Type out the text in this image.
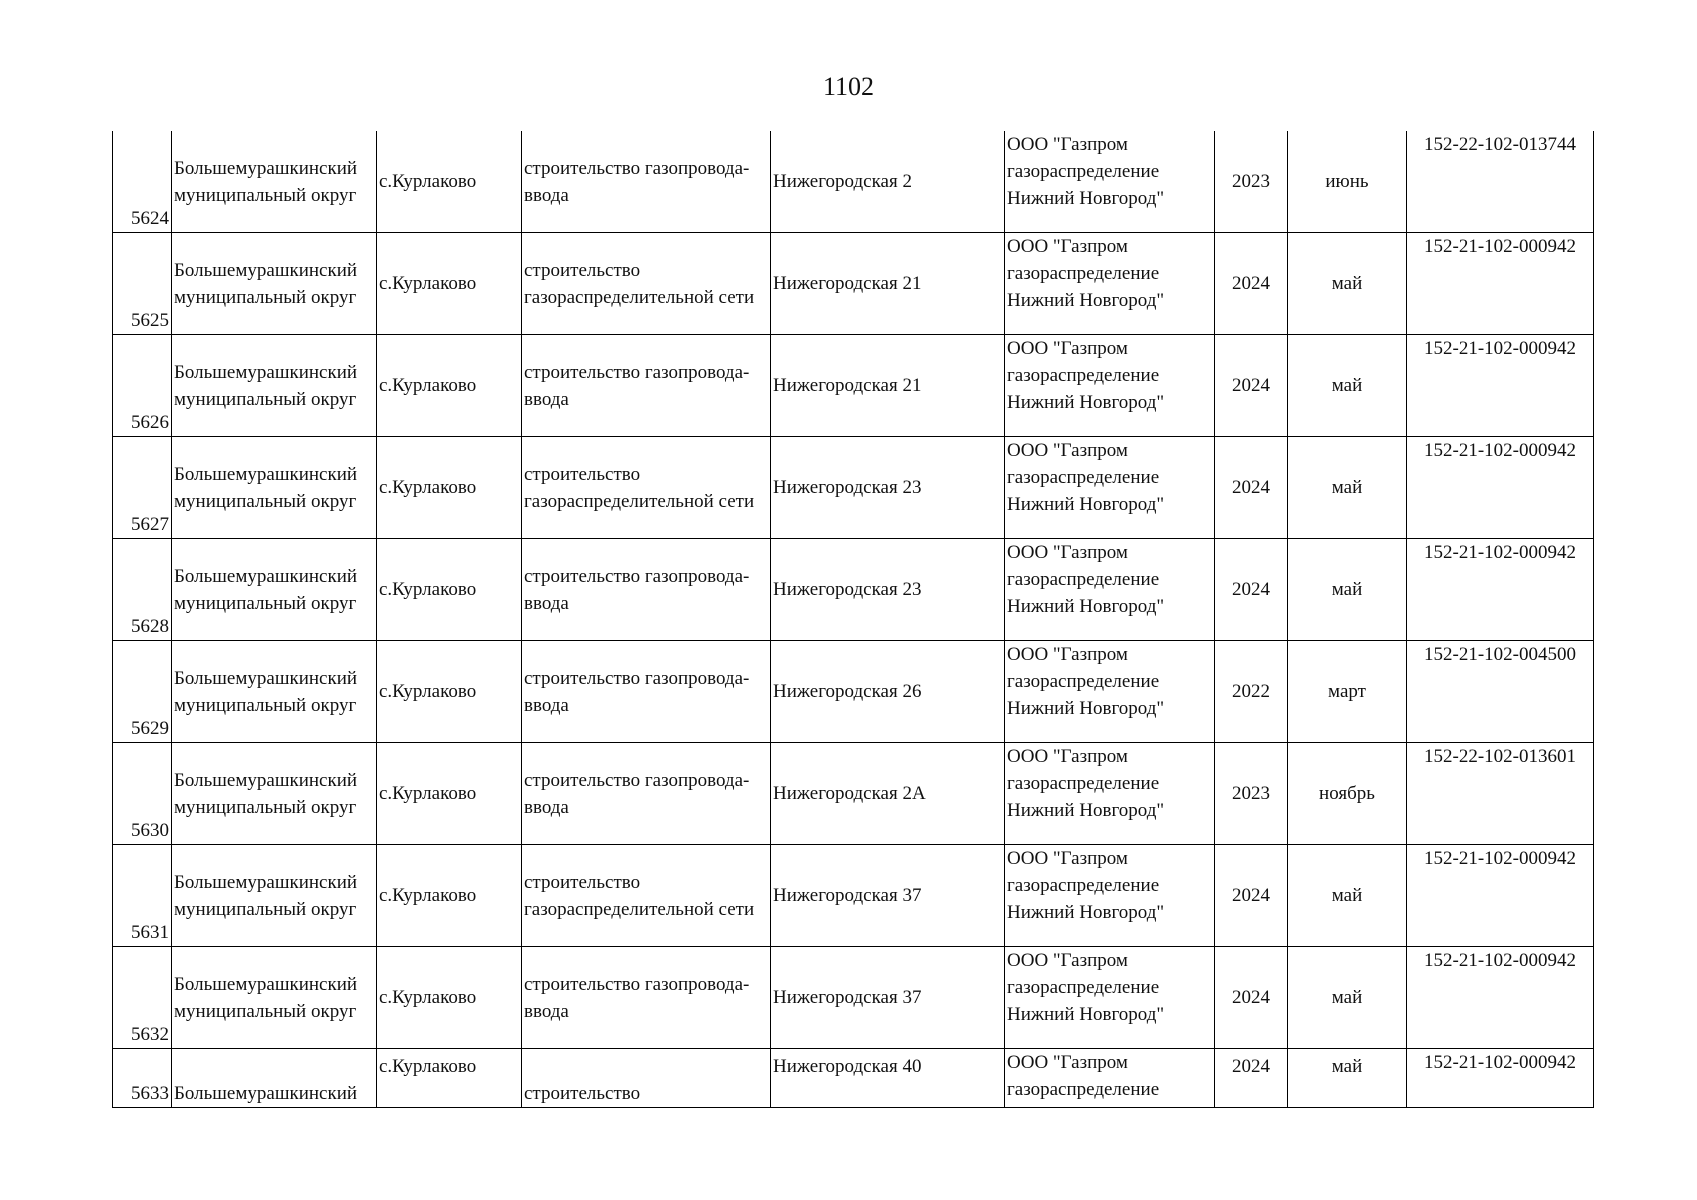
1102
5624	Большемурашкинский
муниципальный округ	с.Курлаково	строительство газопровода-
ввода	Нижегородская 2	ООО "Газпром
газораспределение
Нижний Новгород"	2023	июнь	152-22-102-013744
5625	Большемурашкинский
муниципальный округ	с.Курлаково	строительство
газораспределительной сети	Нижегородская 21	ООО "Газпром
газораспределение
Нижний Новгород"	2024	май	152-21-102-000942
5626	Большемурашкинский
муниципальный округ	с.Курлаково	строительство газопровода-
ввода	Нижегородская 21	ООО "Газпром
газораспределение
Нижний Новгород"	2024	май	152-21-102-000942
5627	Большемурашкинский
муниципальный округ	с.Курлаково	строительство
газораспределительной сети	Нижегородская 23	ООО "Газпром
газораспределение
Нижний Новгород"	2024	май	152-21-102-000942
5628	Большемурашкинский
муниципальный округ	с.Курлаково	строительство газопровода-
ввода	Нижегородская 23	ООО "Газпром
газораспределение
Нижний Новгород"	2024	май	152-21-102-000942
5629	Большемурашкинский
муниципальный округ	с.Курлаково	строительство газопровода-
ввода	Нижегородская 26	ООО "Газпром
газораспределение
Нижний Новгород"	2022	март	152-21-102-004500
5630	Большемурашкинский
муниципальный округ	с.Курлаково	строительство газопровода-
ввода	Нижегородская 2А	ООО "Газпром
газораспределение
Нижний Новгород"	2023	ноябрь	152-22-102-013601
5631	Большемурашкинский
муниципальный округ	с.Курлаково	строительство
газораспределительной сети	Нижегородская 37	ООО "Газпром
газораспределение
Нижний Новгород"	2024	май	152-21-102-000942
5632	Большемурашкинский
муниципальный округ	с.Курлаково	строительство газопровода-
ввода	Нижегородская 37	ООО "Газпром
газораспределение
Нижний Новгород"	2024	май	152-21-102-000942
5633	Большемурашкинский	с.Курлаково	строительство	Нижегородская 40	ООО "Газпром
газораспределение	2024	май	152-21-102-000942
